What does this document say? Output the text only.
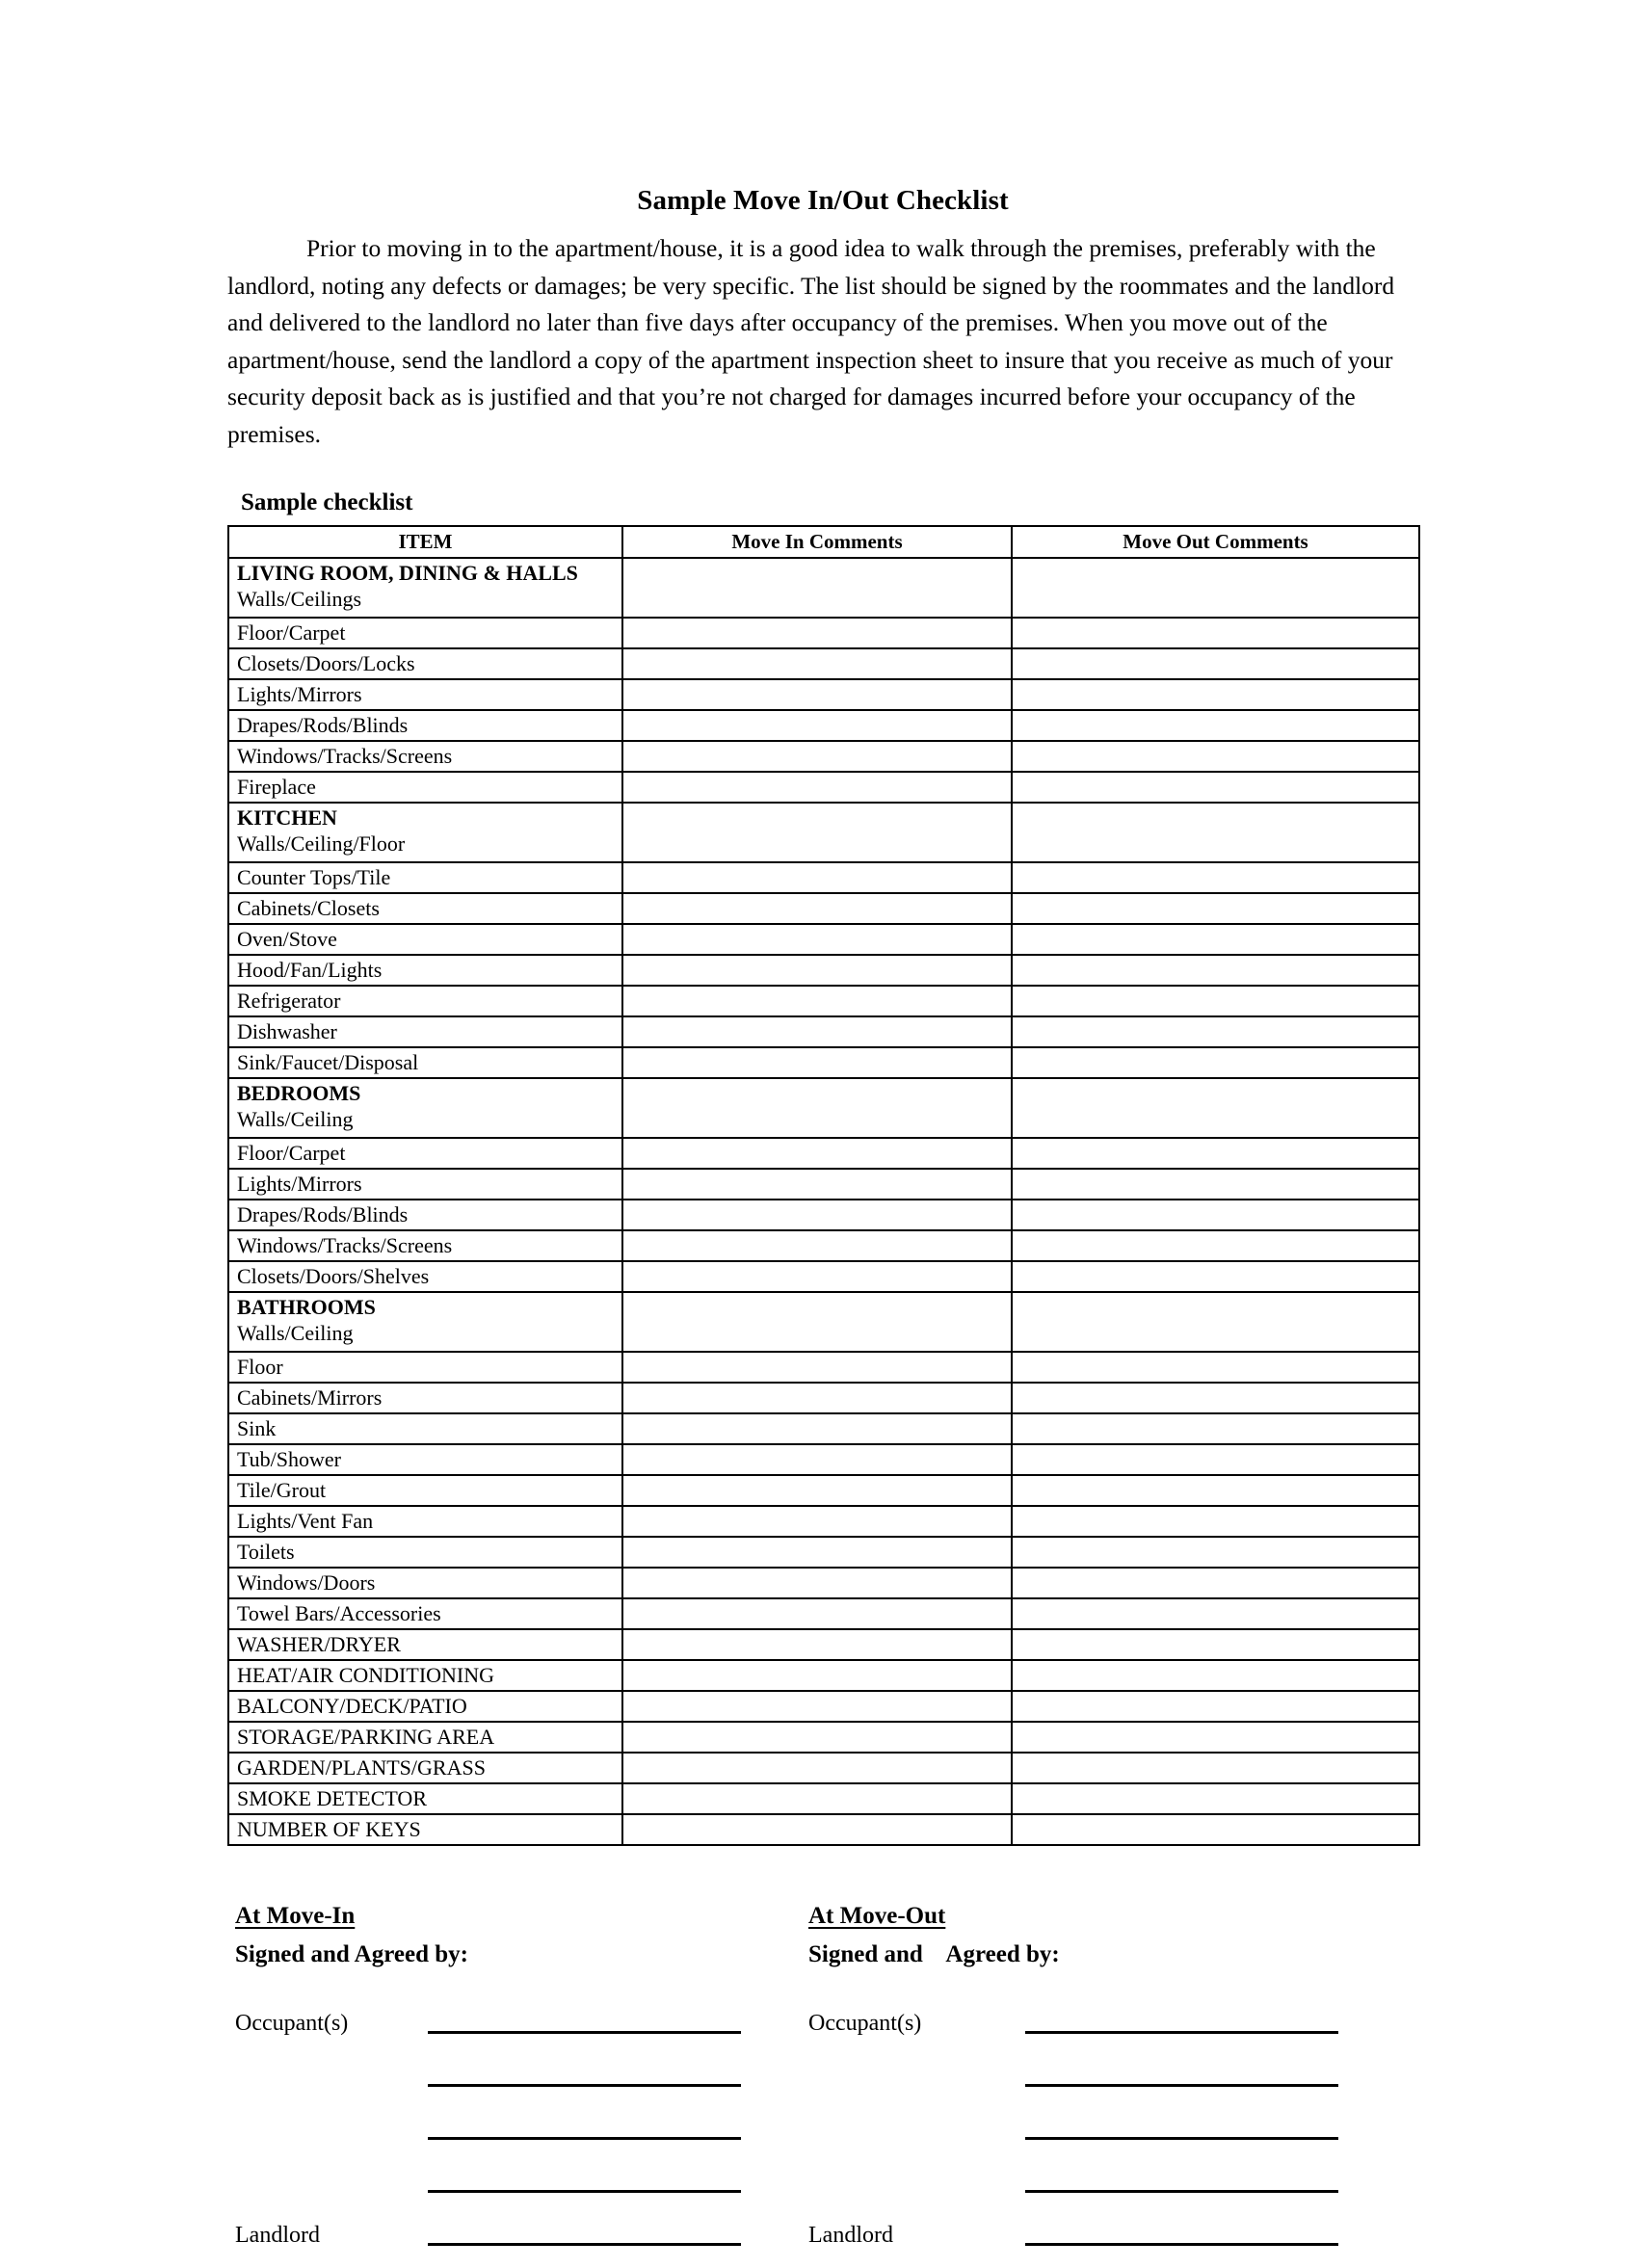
Sample Move In/Out Checklist

Prior to moving in to the apartment/house, it is a good idea to walk through the premises, preferably with the landlord, noting any defects or damages; be very specific. The list should be signed by the roommates and the landlord and delivered to the landlord no later than five days after occupancy of the premises. When you move out of the apartment/house, send the landlord a copy of the apartment inspection sheet to insure that you receive as much of your security deposit back as is justified and that you’re not charged for damages incurred before your occupancy of the premises.

Sample checklist
ITEM	Move In Comments	Move Out Comments

LIVING ROOM, DINING & HALLS
Walls/Ceilings		

Floor/Carpet		

Closets/Doors/Locks		

Lights/Mirrors		

Drapes/Rods/Blinds		

Windows/Tracks/Screens		

Fireplace		

KITCHEN
Walls/Ceiling/Floor		

Counter Tops/Tile		

Cabinets/Closets		

Oven/Stove		

Hood/Fan/Lights		

Refrigerator		

Dishwasher		

Sink/Faucet/Disposal		

BEDROOMS
Walls/Ceiling		

Floor/Carpet		

Lights/Mirrors		

Drapes/Rods/Blinds		

Windows/Tracks/Screens		

Closets/Doors/Shelves		

BATHROOMS
Walls/Ceiling		

Floor		

Cabinets/Mirrors		

Sink		

Tub/Shower		

Tile/Grout		

Lights/Vent Fan		

Toilets		

Windows/Doors		

Towel Bars/Accessories		

WASHER/DRYER		

HEAT/AIR CONDITIONING		

BALCONY/DECK/PATIO		

STORAGE/PARKING AREA		

GARDEN/PLANTS/GRASS		

SMOKE DETECTOR		

NUMBER OF KEYS		

At Move-In
Signed and Agreed by:
Occupant(s)
Landlord
At Move-Out
Signed and    Agreed by:
Occupant(s)
Landlord
